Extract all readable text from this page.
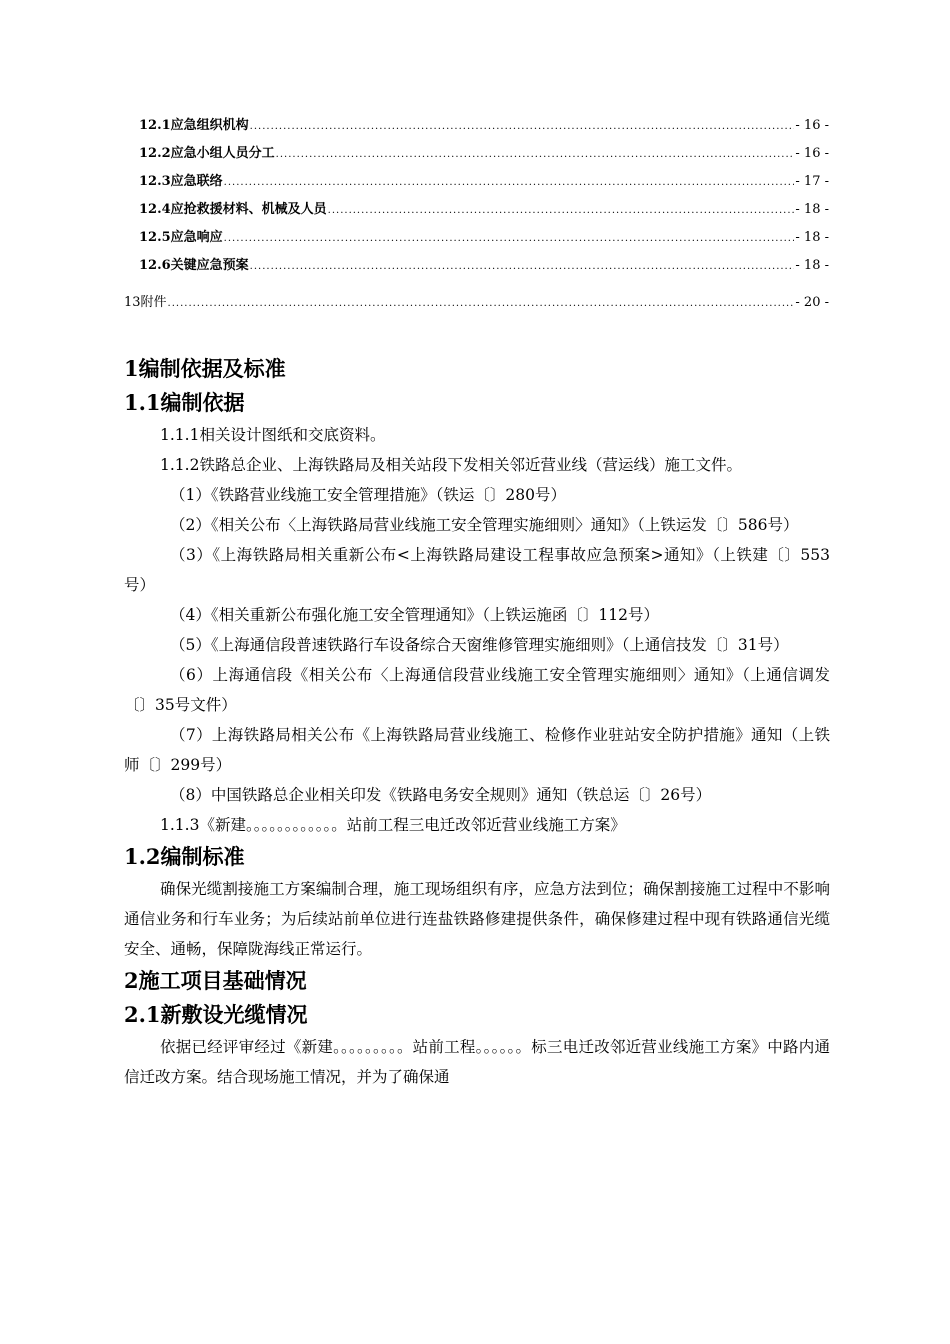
12.1应急组织机构 .....	- 16 -
12.2应急小组人员分工 .....	- 16 -
12.3应急联络 .....	- 17 -
12.4应抢救援材料、机械及人员 .....	- 18 -
12.5应急响应 .....	- 18 -
12.6关键应急预案 .....	- 18 -
13附件 .....	- 20 -
1编制依据及标准
1.1编制依据

1.1.1相关设计图纸和交底资料。

1.1.2铁路总企业、上海铁路局及相关站段下发相关邻近营业线（营运线）施工文件。

（1）《铁路营业线施工安全管理措施》（铁运〔〕280号）

（2）《相关公布〈上海铁路局营业线施工安全管理实施细则〉通知》（上铁运发〔〕586号）

（3）《上海铁路局相关重新公布<上海铁路局建设工程事故应急预案>通知》（上铁建〔〕553号）

（4）《相关重新公布强化施工安全管理通知》（上铁运施函〔〕112号）

（5）《上海通信段普速铁路行车设备综合天窗维修管理实施细则》（上通信技发〔〕31号）

（6）上海通信段《相关公布〈上海通信段营业线施工安全管理实施细则〉通知》（上通信调发〔〕35号文件）

（7）上海铁路局相关公布《上海铁路局营业线施工、检修作业驻站安全防护措施》通知（上铁师〔〕299号）

（8）中国铁路总企业相关印发《铁路电务安全规则》通知（铁总运〔〕26号）

1.1.3《新建。。。。。。。。。。。。站前工程三电迁改邻近营业线施工方案》

1.2编制标准

确保光缆割接施工方案编制合理，施工现场组织有序，应急方法到位；确保割接施工过程中不影响通信业务和行车业务；为后续站前单位进行连盐铁路修建提供条件，确保修建过程中现有铁路通信光缆安全、通畅，保障陇海线正常运行。

2施工项目基础情况
2.1新敷设光缆情况

依据已经评审经过《新建。。。。。。。。。站前工程。。。。。。标三电迁改邻近营业线施工方案》中路内通信迁改方案。结合现场施工情况，并为了确保通
